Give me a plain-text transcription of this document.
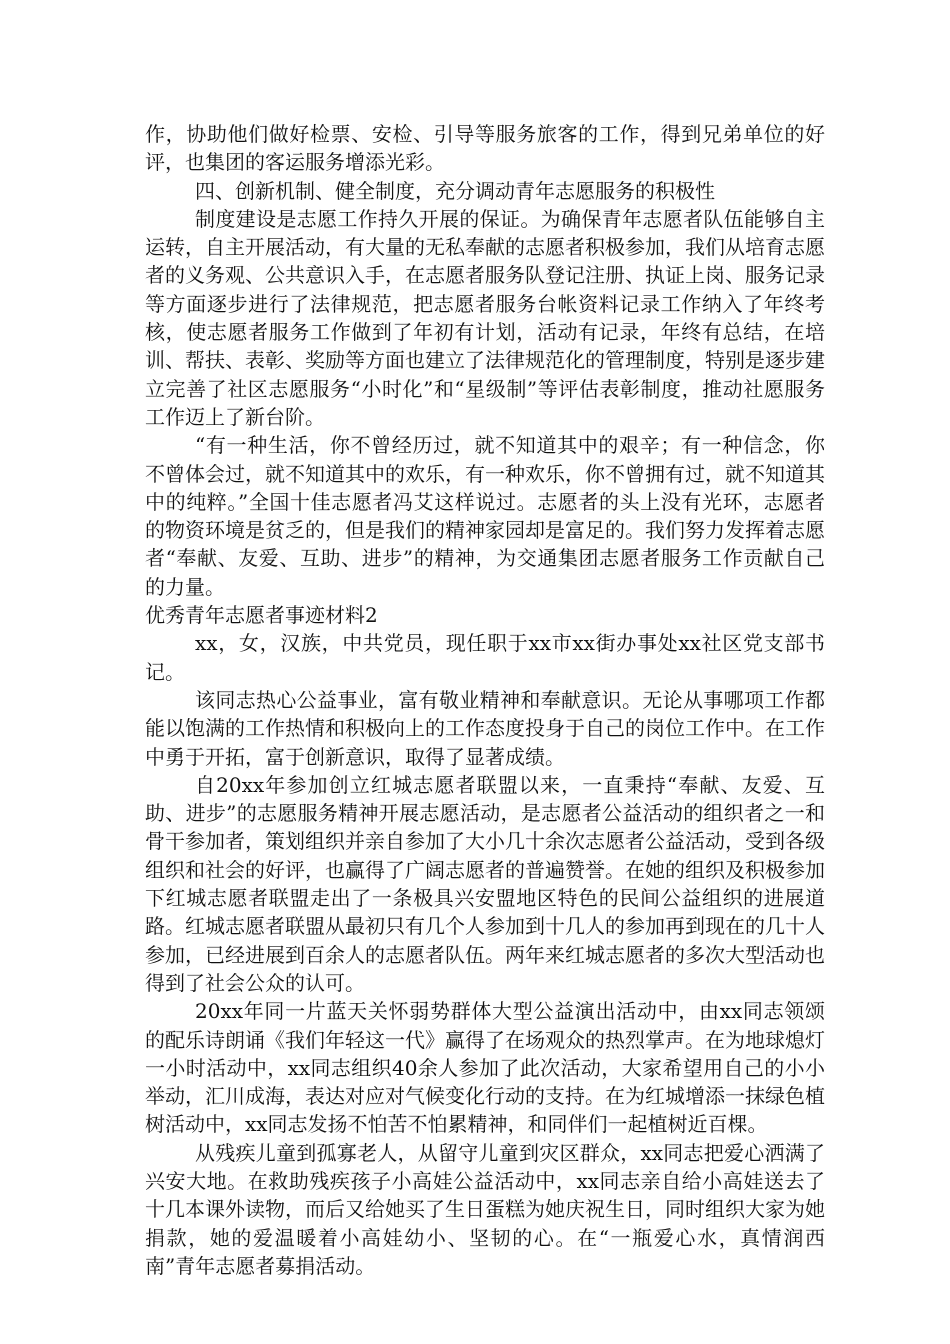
作，协助他们做好检票、安检、引导等服务旅客的工作，得到兄弟单位的好评，也集团的客运服务增添光彩。

四、创新机制、健全制度，充分调动青年志愿服务的积极性

制度建设是志愿工作持久开展的保证。为确保青年志愿者队伍能够自主运转，自主开展活动，有大量的无私奉献的志愿者积极参加，我们从培育志愿者的义务观、公共意识入手，在志愿者服务队登记注册、执证上岗、服务记录等方面逐步进行了法律规范，把志愿者服务台帐资料记录工作纳入了年终考核，使志愿者服务工作做到了年初有计划，活动有记录，年终有总结，在培训、帮扶、表彰、奖励等方面也建立了法律规范化的管理制度，特别是逐步建立完善了社区志愿服务“小时化”和“星级制”等评估表彰制度，推动社愿服务工作迈上了新台阶。

“有一种生活，你不曾经历过，就不知道其中的艰辛；有一种信念，你不曾体会过，就不知道其中的欢乐，有一种欢乐，你不曾拥有过，就不知道其中的纯粹。”全国十佳志愿者冯艾这样说过。志愿者的头上没有光环，志愿者的物资环境是贫乏的，但是我们的精神家园却是富足的。我们努力发挥着志愿者“奉献、友爱、互助、进步”的精神，为交通集团志愿者服务工作贡献自己的力量。

优秀青年志愿者事迹材料2

xx，女，汉族，中共党员，现任职于xx市xx街办事处xx社区党支部书记。

该同志热心公益事业，富有敬业精神和奉献意识。无论从事哪项工作都能以饱满的工作热情和积极向上的工作态度投身于自己的岗位工作中。在工作中勇于开拓，富于创新意识，取得了显著成绩。

自20xx年参加创立红城志愿者联盟以来，一直秉持“奉献、友爱、互助、进步”的志愿服务精神开展志愿活动，是志愿者公益活动的组织者之一和骨干参加者，策划组织并亲自参加了大小几十余次志愿者公益活动，受到各级组织和社会的好评，也赢得了广阔志愿者的普遍赞誉。在她的组织及积极参加下红城志愿者联盟走出了一条极具兴安盟地区特色的民间公益组织的进展道路。红城志愿者联盟从最初只有几个人参加到十几人的参加再到现在的几十人参加，已经进展到百余人的志愿者队伍。两年来红城志愿者的多次大型活动也得到了社会公众的认可。

20xx年同一片蓝天关怀弱势群体大型公益演出活动中，由xx同志领颂的配乐诗朗诵《我们年轻这一代》赢得了在场观众的热烈掌声。在为地球熄灯一小时活动中，xx同志组织40余人参加了此次活动，大家希望用自己的小小举动，汇川成海，表达对应对气候变化行动的支持。在为红城增添一抹绿色植树活动中，xx同志发扬不怕苦不怕累精神，和同伴们一起植树近百棵。

从残疾儿童到孤寡老人，从留守儿童到灾区群众，xx同志把爱心洒满了兴安大地。在救助残疾孩子小高娃公益活动中，xx同志亲自给小高娃送去了十几本课外读物，而后又给她买了生日蛋糕为她庆祝生日，同时组织大家为她捐款，她的爱温暖着小高娃幼小、坚韧的心。在“一瓶爱心水，真情润西南”青年志愿者募捐活动。
